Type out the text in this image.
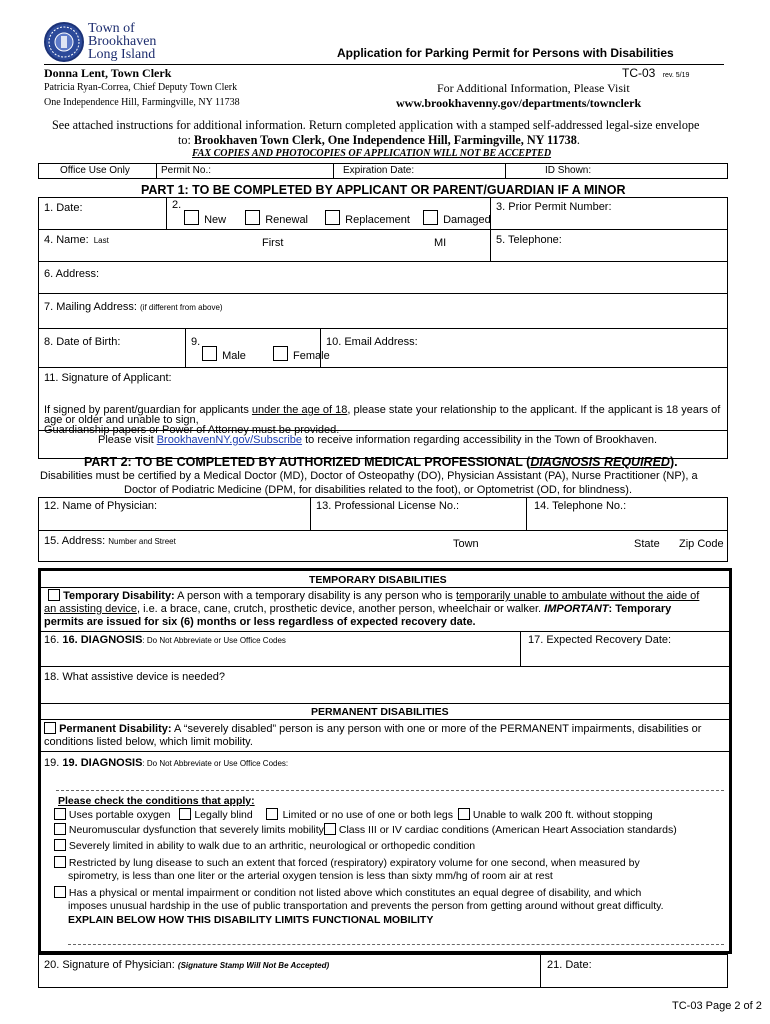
Town of
Brookhaven
Long Island	Application for Parking Permit for Persons with Disabilities
Donna Lent, Town Clerk
Patricia Ryan-Correa, Chief Deputy Town Clerk
One Independence Hill, Farmingville, NY 11738
TC-03 rev. 5/19
For Additional Information, Please Visit
www.brookhavenny.gov/departments/townclerk
See attached instructions for additional information. Return completed application with a stamped self-addressed legal-size envelope
to: Brookhaven Town Clerk, One Independence Hill, Farmingville, NY 11738.
FAX COPIES AND PHOTOCOPIES OF APPLICATION WILL NOT BE ACCEPTED
Office Use Only	Permit No.:	Expiration Date:	ID Shown:
PART 1: TO BE COMPLETED BY APPLICANT OR PARENT/GUARDIAN IF A MINOR
1. Date:	2.
New	Renewal	Replacement	Damaged
3. Prior Permit Number:
4. Name: Last	First	MI	5. Telephone:
6. Address:
7. Mailing Address: (if different from above)
8. Date of Birth:	9.
Male	Female
10. Email Address:
11. Signature of Applicant:
If signed by parent/guardian for applicants under the age of 18, please state your relationship to the applicant. If the applicant is 18 years of age or older and unable to sign,
Guardianship papers or Power of Attorney must be provided.
Please visit BrookhavenNY.gov/Subscribe to receive information regarding accessibility in the Town of Brookhaven.
PART 2: TO BE COMPLETED BY AUTHORIZED MEDICAL PROFESSIONAL (DIAGNOSIS REQUIRED).
Disabilities must be certified by a Medical Doctor (MD), Doctor of Osteopathy (DO), Physician Assistant (PA), Nurse Practitioner (NP), a
Doctor of Podiatric Medicine (DPM, for disabilities related to the foot), or Optometrist (OD, for blindness).
12. Name of Physician:	13. Professional License No.:	14. Telephone No.:
15. Address: Number and Street	Town	State Zip Code
TEMPORARY DISABILITIES
Temporary Disability: A person with a temporary disability is any person who is temporarily unable to ambulate without the aide of
an assisting device, i.e. a brace, cane, crutch, prosthetic device, another person, wheelchair or walker. IMPORTANT: Temporary
permits are issued for six (6) months or less regardless of expected recovery date.
16. 16. DIAGNOSIS: Do Not Abbreviate or Use Office Codes	17. Expected Recovery Date:
18. What assistive device is needed?
PERMANENT DISABILITIES
Permanent Disability: A “severely disabled” person is any person with one or more of the PERMANENT impairments, disabilities or
conditions listed below, which limit mobility.
19. 19. DIAGNOSIS: Do Not Abbreviate or Use Office Codes:
Please check the conditions that apply:
Uses portable oxygen Legally blind	Limited or no use of one or both legs Unable to walk 200 ft. without stopping
Neuromuscular dysfunction that severely limits mobility Class III or IV cardiac conditions (American Heart Association standards)
Severely limited in ability to walk due to an arthritic, neurological or orthopedic condition
Restricted by lung disease to such an extent that forced (respiratory) expiratory volume for one second, when measured by
spirometry, is less than one liter or the arterial oxygen tension is less than sixty mm/hg of room air at rest
Has a physical or mental impairment or condition not listed above which constitutes an equal degree of disability, and which
imposes unusual hardship in the use of public transportation and prevents the person from getting around without great difficulty.
EXPLAIN BELOW HOW THIS DISABILITY LIMITS FUNCTIONAL MOBILITY
20. Signature of Physician: (Signature Stamp Will Not Be Accepted)	21. Date:
TC-03 Page 2 of 2
